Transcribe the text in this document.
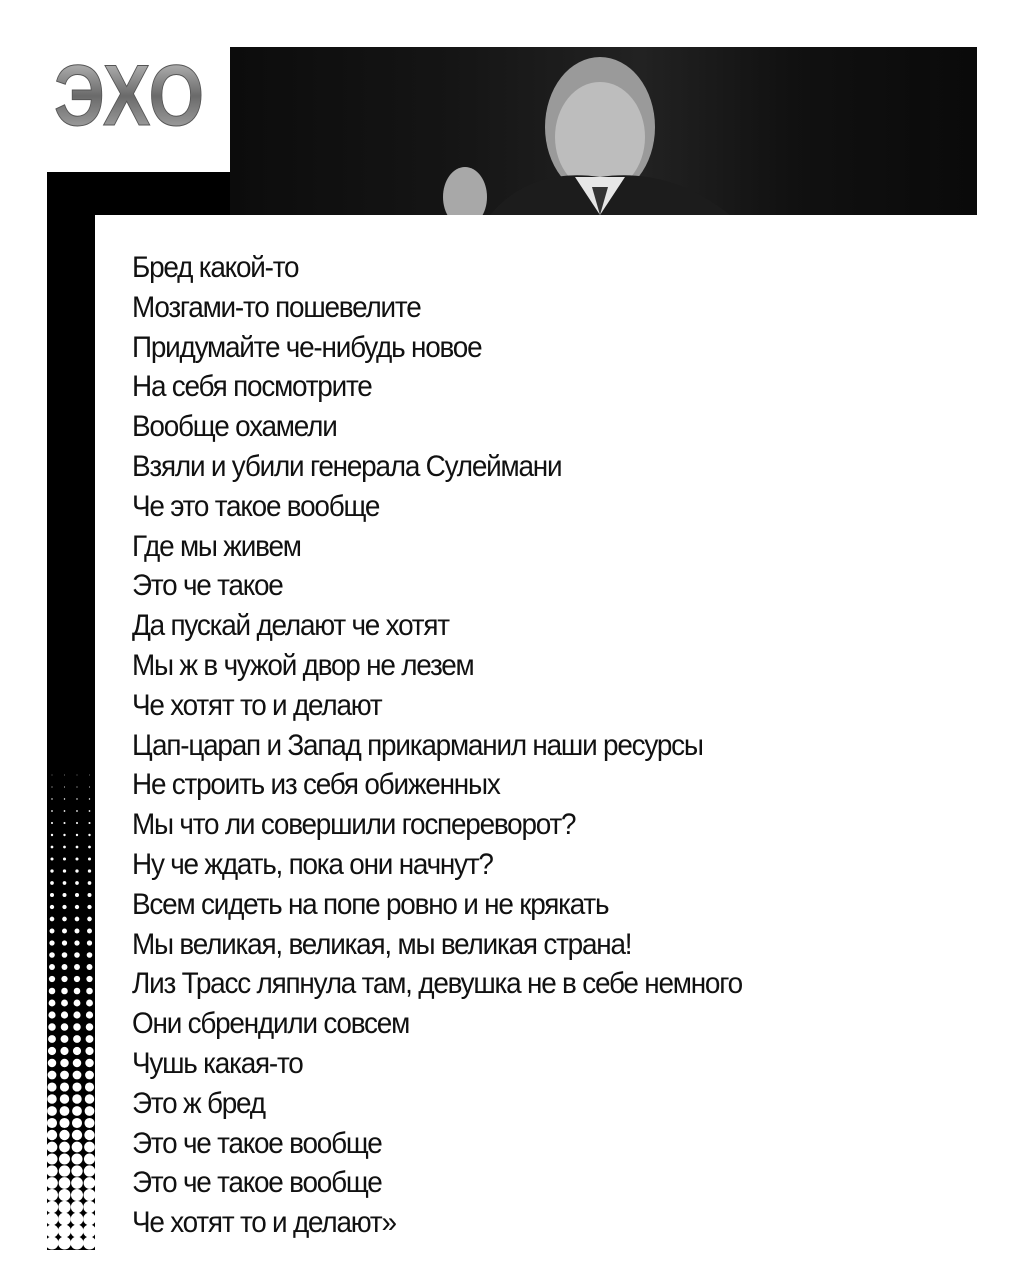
ЭХО
Бред какой-то
Мозгами-то пошевелите
Придумайте че-нибудь новое
На себя посмотрите
Вообще охамели
Взяли и убили генерала Сулеймани
Че это такое вообще
Где мы живем
Это че такое
Да пускай делают че хотят
Мы ж в чужой двор не лезем
Че хотят то и делают
Цап-царап и Запад прикарманил наши ресурсы
Не строить из себя обиженных
Мы что ли совершили госпереворот?
Ну че ждать, пока они начнут?
Всем сидеть на попе ровно и не крякать
Мы великая, великая, мы великая страна!
Лиз Трасс ляпнула там, девушка не в себе немного
Они сбрендили совсем
Чушь какая-то
Это ж бред
Это че такое вообще
Это че такое вообще
Че хотят то и делают»
